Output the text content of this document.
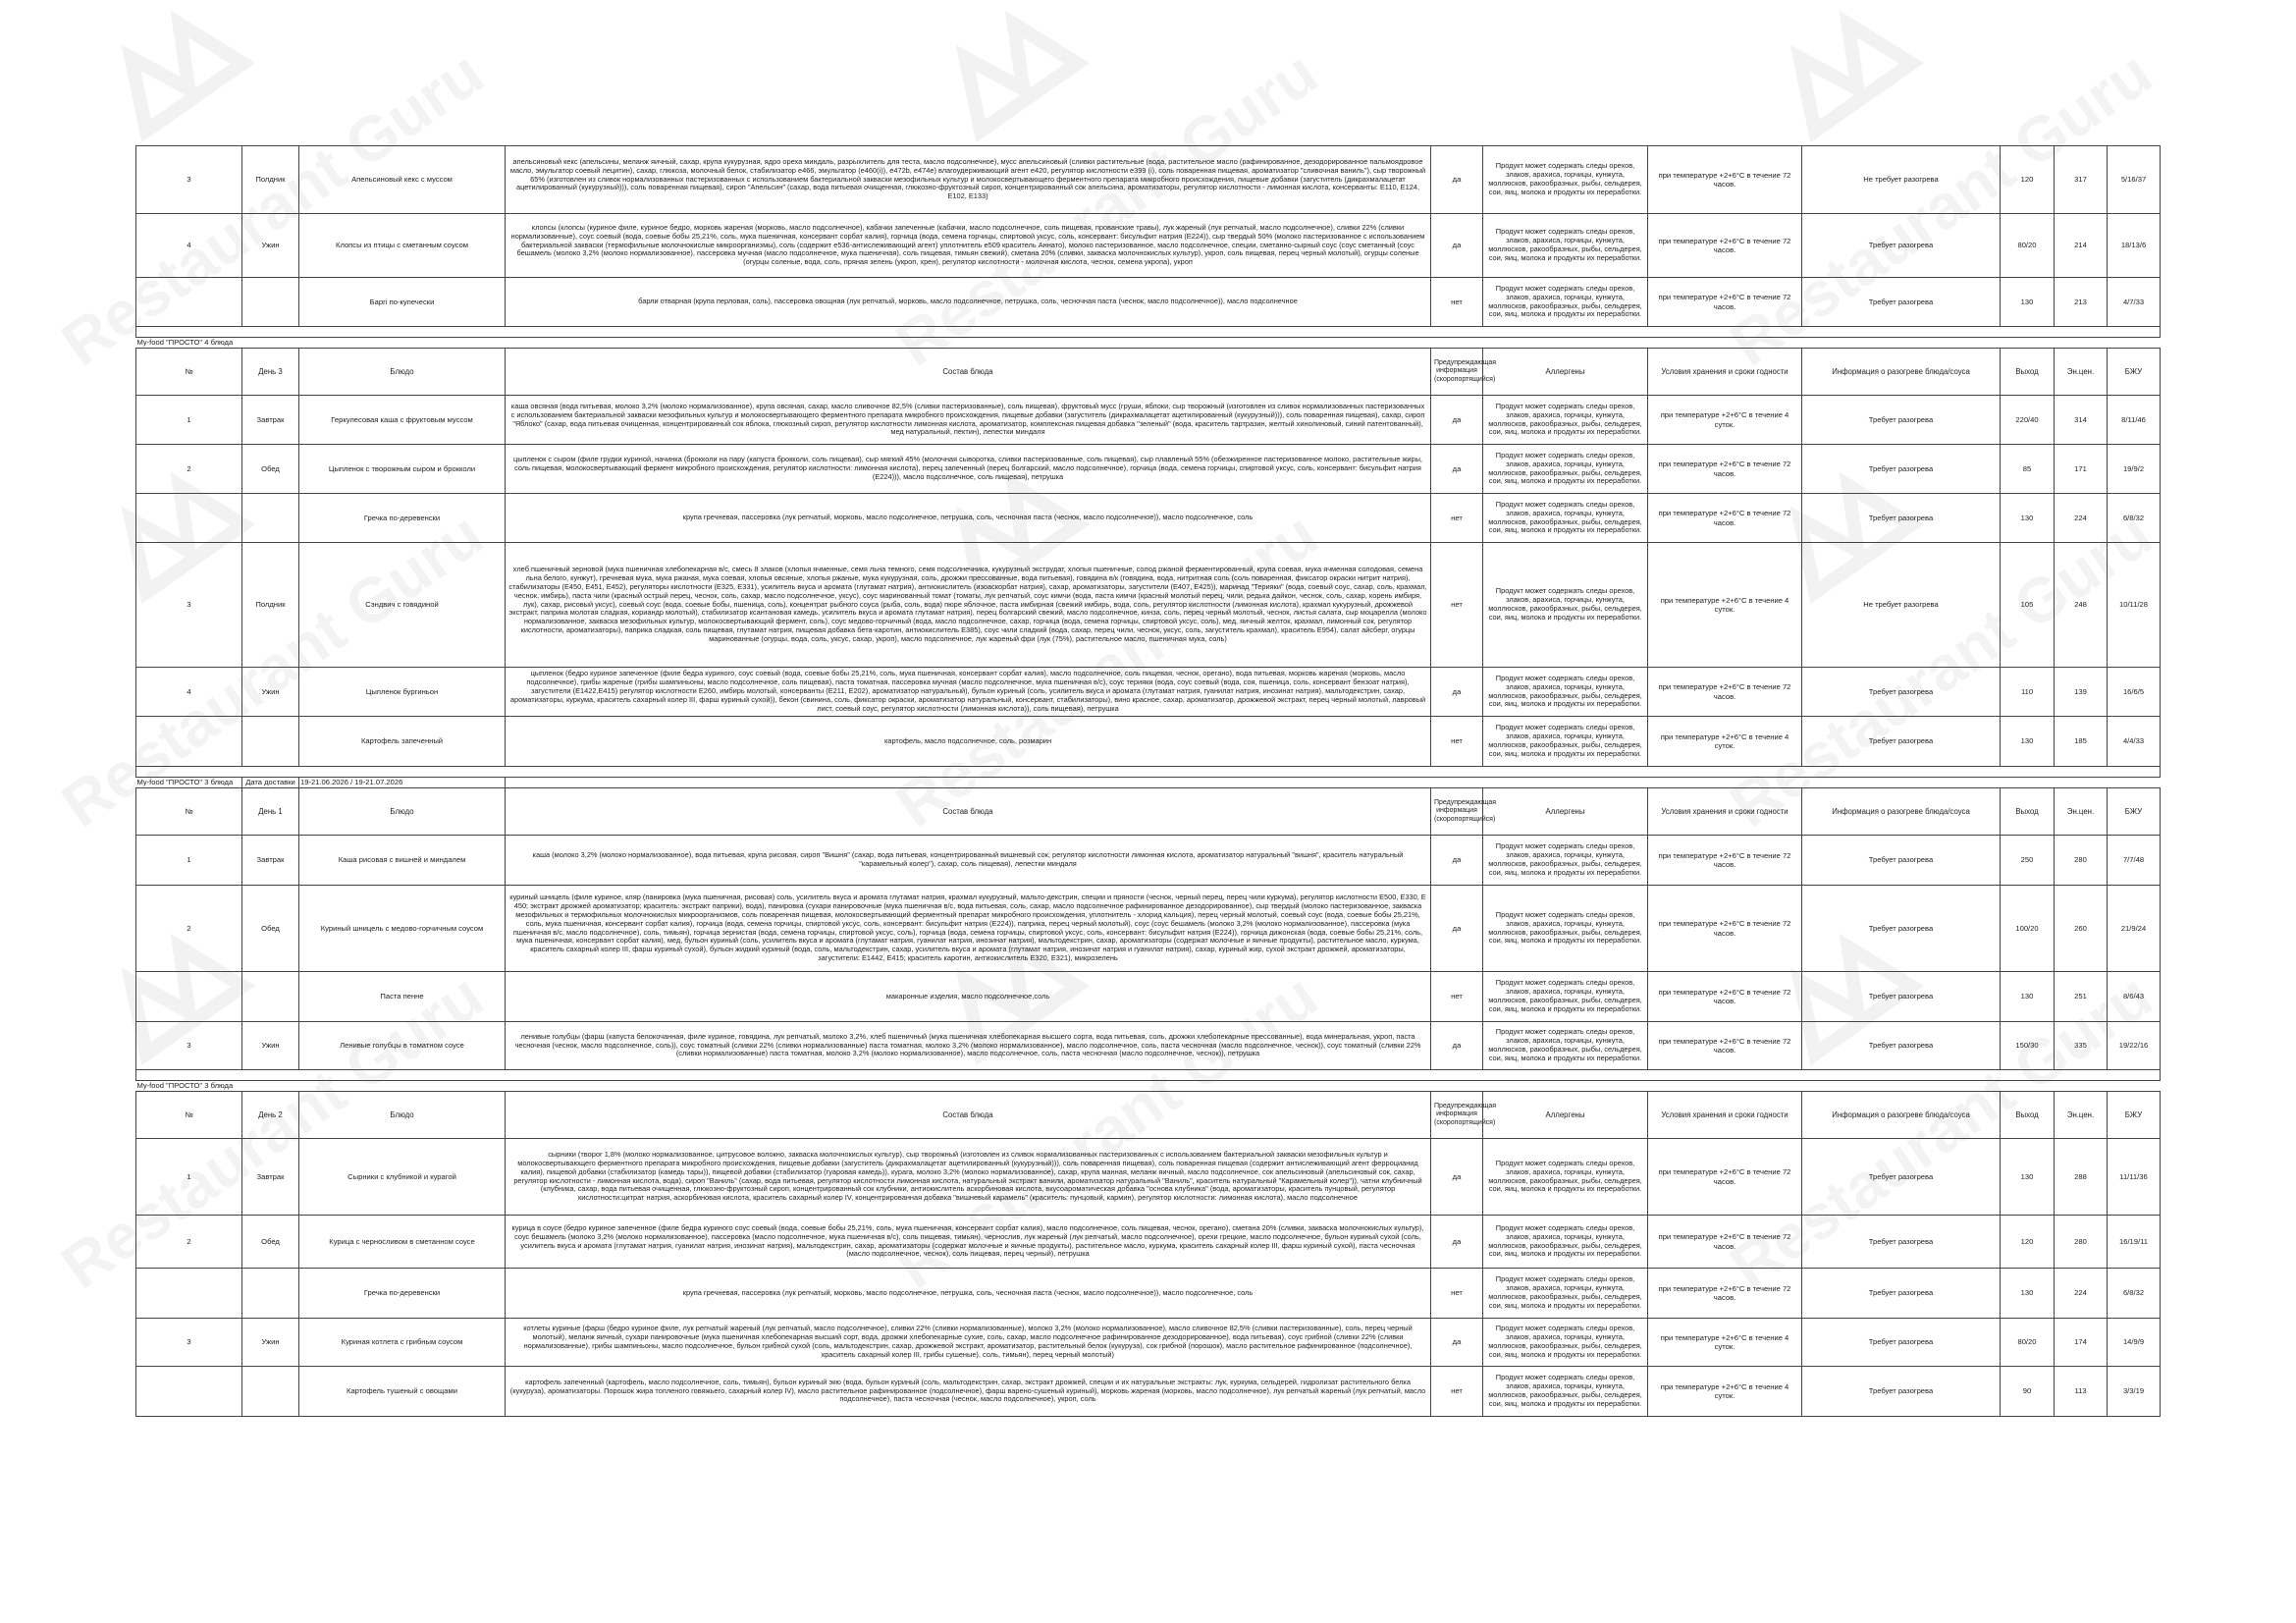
3	Полдник	Апельсиновый кекс с муссом	апельсиновый кекс (апельсины, меланж яичный, сахар, крупа кукурузная, ядро ореха миндаль, разрыхлитель для теста, масло подсолнечное), мусс апельсиновый (сливки растительные (вода, растительное масло (рафинированное, дезодорированное пальмоядровое масло, эмульгатор соевый лецитин), сахар, глюкоза, молочный белок, стабилизатор е466, эмульгатор (е460(i)), е472b, е474e) влагоудерживающий агент е420, регулятор кислотности е399 (i), соль поваренная пищевая, ароматизатор "сливочная ваниль"), сыр творожный 65% (изготовлен из сливок нормализованных пастеризованных с использованием бактериальной закваски мезофильных культур и молокосвертывающего ферментного препарата микробного происхождения, пищевые добавки (загуститель (дикрахмалацетат ацетилированный (кукурузный))), соль поваренная пищевая), сироп "Апельсин" (сахар, вода питьевая очищенная, глюкозно-фруктозный сироп, концентрированный сок апельсина, ароматизаторы, регулятор кислотности - лимонная кислота, консерванты: Е110, Е124, Е102, Е133)	да	Продукт может содержать следы орехов, злаков, арахиса, горчицы, кунжута, моллюсков, ракообразных, рыбы, сельдерея, сои, яиц, молока и продукты их переработки.	при температуре +2+6°С в течение 72 часов.	Не требует разогрева	120	317	5/16/37
4	Ужин	Клопсы из птицы с сметанным соусом	клопсы (клопсы (куриное филе, куриное бедро, морковь жареная (морковь, масло подсолнечное), кабачки запеченные (кабачки, масло подсолнечное, соль пищевая, прованские травы), лук жареный (лук репчатый, масло подсолнечное), сливки 22% (сливки нормализованные), соус соевый (вода, соевые бобы 25,21%, соль, мука пшеничная, консервант сорбат калия), горчица (вода, семена горчицы, спиртовой уксус, соль, консервант: бисульфит натрия (Е224)), сыр твердый 50% (молоко пастеризованное с использованием бактериальной закваски (термофильные молочнокислые микроорганизмы), соль (содержит е536-антислеживающий агент) уплотнитель е509 краситель Аннато), молоко пастеризованное, масло подсолнечное, специи, сметанно-сырный соус (соус сметанный (соус бешамель (молоко 3,2% (молоко нормализованное), пассеровка мучная (масло подсолнечное, мука пшеничная), соль пищевая, тимьян свежий), сметана 20% (сливки, закваска молочнокислых культур), укроп, соль пищевая, перец черный молотый), огурцы соленые (огурцы соленые, вода, соль, пряная зелень (укроп, хрен), регулятор кислотности - молочная кислота, чеснок, семена укропа), укроп	да	Продукт может содержать следы орехов, злаков, арахиса, горчицы, кунжута, моллюсков, ракообразных, рыбы, сельдерея, сои, яиц, молока и продукты их переработки.	при температуре +2+6°С в течение 72 часов.	Требует разогрева	80/20	214	18/13/6
		Баргі по-купечески	барли отварная (крупа перловая, соль), пассеровка овощная (лук репчатый, морковь, масло подсолнечное, петрушка, соль, чесночная паста (чеснок, масло подсолнечное)), масло подсолнечное	нет	Продукт может содержать следы орехов, злаков, арахиса, горчицы, кунжута, моллюсков, ракообразных, рыбы, сельдерея, сои, яиц, молока и продукты их переработки.	при температуре +2+6°С в течение 72 часов.	Требует разогрева	130	213	4/7/33

My-food "ПРОСТО" 4 блюда										
№	День 3	Блюдо	Состав блюда	Предупреждающая информация (скоропортящийся)	Аллергены	Условия хранения и сроки годности	Информация о разогреве блюда/соуса	Выход	Эн.цен.	БЖУ
1	Завтрак	Геркулесовая каша с фруктовым муссом	каша овсяная (вода питьевая, молоко 3,2% (молоко нормализованное), крупа овсяная, сахар, масло сливочное 82,5% (сливки пастеризованные), соль пищевая), фруктовый мусс (груши, яблоки, сыр творожный (изготовлен из сливок нормализованных пастеризованных с использованием бактериальной закваски мезофильных культур и молокосвертывающего ферментного препарата микробного происхождения, пищевые добавки (загуститель (дикрахмалацетат ацетилированный (кукурузный))), соль поваренная пищевая), сахар, сироп "Яблоко" (сахар, вода питьевая очищенная, концентрированный сок яблока, глюкозный сироп, регулятор кислотности лимонная кислота, ароматизатор, комплексная пищевая добавка "зеленый" (вода, краситель тартразин, желтый хинолиновый, синий патентованный), мед натуральный, пектин), лепестки миндаля	да	Продукт может содержать следы орехов, злаков, арахиса, горчицы, кунжута, моллюсков, ракообразных, рыбы, сельдерея, сои, яиц, молока и продукты их переработки.	при температуре +2+6°С в течение 4 суток.	Требует разогрева	220/40	314	8/11/46
2	Обед	Цыпленок с творожным сыром и брокколи	цыпленок с сыром (филе грудки куриной, начинка (брокколи на пару (капуста брокколи, соль пищевая), сыр мягкий 45% (молочная сыворотка, сливки пастеризованные, соль пищевая), сыр плавленый 55% (обезжиренное пастеризованное молоко, растительные жиры, соль пищевая, молокосвертывающий фермент микробного происхождения, регулятор кислотности: лимонная кислота), перец запеченный (перец болгарский, масло подсолнечное), горчица (вода, семена горчицы, спиртовой уксус, соль, консервант: бисульфит натрия (Е224))), масло подсолнечное, соль пищевая), петрушка	да	Продукт может содержать следы орехов, злаков, арахиса, горчицы, кунжута, моллюсков, ракообразных, рыбы, сельдерея, сои, яиц, молока и продукты их переработки.	при температуре +2+6°С в течение 72 часов.	Требует разогрева	85	171	19/9/2
		Гречка по-деревенски	крупа гречневая, пассеровка (лук репчатый, морковь, масло подсолнечное, петрушка, соль, чесночная паста (чеснок, масло подсолнечное)), масло подсолнечное, соль	нет	Продукт может содержать следы орехов, злаков, арахиса, горчицы, кунжута, моллюсков, ракообразных, рыбы, сельдерея, сои, яиц, молока и продукты их переработки.	при температуре +2+6°С в течение 72 часов.	Требует разогрева	130	224	6/8/32
3	Полдник	Сэндвич с говядиной	хлеб пшеничный зерновой (мука пшеничная хлебопекарная в/с, смесь 8 злаков (хлопья ячменные, семя льна темного, семя подсолнечника, кукурузный экструдат, хлопья пшеничные, солод ржаной ферментированный, крупа соевая, мука ячменная солодовая, семена льна белого, кунжут), гречневая мука, мука ржаная, мука соевая, хлопья овсяные, хлопья ржаные, мука кукурузная, соль, дрожжи прессованные, вода питьевая), говядина в/к (говядина, вода, нитритная соль (соль поваренная, фиксатор окраски нитрит натрия), стабилизаторы (Е450, Е451, Е452), регуляторы кислотности (Е325, Е331), усилитель вкуса и аромата (глутамат натрия), антиокислитель (изоаскорбат натрия), сахар, ароматизаторы, загустители (Е407, Е425)), маринад "Терияки" (вода, соевый соус, сахар, соль, крахмал, чеснок, имбирь), паста чили (красный острый перец, чеснок, соль, сахар, масло подсолнечное, уксус), соус маринованный томат (томаты, лук репчатый, соус кимчи (вода, паста кимчи (красный молотый перец, чили, редька дайкон, чеснок, соль, сахар, корень имбиря, лук), сахар, рисовый уксус), соевый соус (вода, соевые бобы, пшеница, соль), концентрат рыбного соуса (рыба, соль, вода) пюре яблочное, паста имбирная (свежий имбирь, вода, соль, регулятор кислотности (лимонная кислота), крахмал кукурузный, дрожжевой экстракт, паприка молотая сладкая, кориандр молотый), стабилизатор ксантановая камедь, усилитель вкуса и аромата глутамат натрия), перец болгарский свежий, масло подсолнечное, кинза, соль, перец черный молотый, чеснок, листья салата, сыр моцарелла (молоко нормализованное, закваска мезофильных культур, молокосвертывающий фермент, соль), соус медово-горчичный (вода, масло подсолнечное, сахар, горчица (вода, семена горчицы, спиртовой уксус, соль), мед, яичный желток, крахмал, лимонный сок, регулятор кислотности, ароматизаторы), паприка сладкая, соль пищевая, глутамат натрия, пищевая добавка бета-каротин, антиокислитель Е385), соус чили сладкий (вода, сахар, перец чили, чеснок, уксус, соль, загуститель крахмал), краситель E954), салат айсберг, огурцы маринованные (огурцы, вода, соль, уксус, сахар, укроп), масло подсолнечное, лук жареный фри (лук (75%), растительное масло, пшеничная мука, соль)	нет	Продукт может содержать следы орехов, злаков, арахиса, горчицы, кунжута, моллюсков, ракообразных, рыбы, сельдерея, сои, яиц, молока и продукты их переработки.	при температуре +2+6°С в течение 4 суток.	Не требует разогрева	105	248	10/11/28
4	Ужин	Цыпленок бургиньон	цыпленок (бедро куриное запеченное (филе бедра куриного, соус соевый (вода, соевые бобы 25,21%, соль, мука пшеничная, консервант сорбат калия), масло подсолнечное, соль пищевая, чеснок, орегано), вода питьевая, морковь жареная (морковь, масло подсолнечное), грибы жареные (грибы шампиньоны, масло подсолнечное, соль пищевая), паста томатная, пассеровка мучная (масло подсолнечное, мука пшеничная в/с), соус терияки (вода, соус соевый (вода, соя, пшеница, соль, консервант бензоат натрия), загустители (Е1422,Е415) регулятор кислотности Е260, имбирь молотый, консерванты (Е211, Е202), ароматизатор натуральный), бульон куриный (соль, усилитель вкуса и аромата (глутамат натрия, гуанилат натрия, инозинат натрия), мальтодекстрин, сахар, ароматизаторы, куркума, краситель сахарный колер III, фарш куриный сухой)), бекон (свинина, соль, фиксатор окраски, ароматизатор натуральный, консервант, стабилизаторы), вино красное, сахар, ароматизатор, дрожжевой экстракт, перец черный молотый, лавровый лист, соевый соус, регулятор кислотности (лимонная кислота)), соль пищевая), петрушка	да	Продукт может содержать следы орехов, злаков, арахиса, горчицы, кунжута, моллюсков, ракообразных, рыбы, сельдерея, сои, яиц, молока и продукты их переработки.	при температуре +2+6°С в течение 72 часов.	Требует разогрева	110	139	16/6/5
		Картофель запеченный	картофель, масло подсолнечное, соль, розмарин	нет	Продукт может содержать следы орехов, злаков, арахиса, горчицы, кунжута, моллюсков, ракообразных, рыбы, сельдерея, сои, яиц, молока и продукты их переработки.	при температуре +2+6°С в течение 4 суток.	Требует разогрева	130	185	4/4/33

My-food "ПРОСТО" 3 блюда	Дата доставки	19-21.06.2026 / 19-21.07.2026								
№	День 1	Блюдо	Состав блюда	Предупреждающая информация (скоропортящийся)	Аллергены	Условия хранения и сроки годности	Информация о разогреве блюда/соуса	Выход	Эн.цен.	БЖУ
1	Завтрак	Каша рисовая с вишней и миндалем	каша (молоко 3,2% (молоко нормализованное), вода питьевая, крупа рисовая, сироп "Вишня" (сахар, вода питьевая, концентрированный вишневый сок, регулятор кислотности лимонная кислота, ароматизатор натуральный "вишня", краситель натуральный "карамельный колер"), сахар, соль пищевая), лепестки миндаля	да	Продукт может содержать следы орехов, злаков, арахиса, горчицы, кунжута, моллюсков, ракообразных, рыбы, сельдерея, сои, яиц, молока и продукты их переработки.	при температуре +2+6°С в течение 72 часов.	Требует разогрева	250	280	7/7/48
2	Обед	Куриный шницель с медово-горчичным соусом	куриный шницель (филе куриное, кляр (панировка (мука пшеничная, рисовая) соль, усилитель вкуса и аромата глутамат натрия, крахмал кукурузный, мальто-декстрин, специи и пряности (чеснок, черный перец, перец чили куркума), регулятор кислотности E500, E330, E 450; экстракт дрожжей ароматизатор; краситель: экстракт паприки), вода), панировка (сухари панировочные (мука пшеничная в/с, вода питьевая, соль, сахар, масло подсолнечное рафинированное дезодорированное), сыр твердый (молоко пастеризованное, закваска мезофильных и термофильных молочнокислых микроорганизмов, соль поваренная пищевая, молокосвертывающий ферментный препарат микробного происхождения, уплотнитель - хлорид кальция), перец черный молотый, соевый соус (вода, соевые бобы 25,21%, соль, мука пшеничная, консервант сорбат калия), горчица (вода, семена горчицы, спиртовой уксус, соль, консервант: бисульфит натрия (Е224)), паприка, перец черный молотый), соус (соус бешамель (молоко 3,2% (молоко нормализованное), пассеровка (мука пшеничная в/с, масло подсолнечное), соль, тимьян), горчица зернистая (вода, семена горчицы, спиртовой уксус, соль), горчица (вода, семена горчицы, спиртовой уксус, соль, консервант: бисульфит натрия (Е224)), горчица дижонская (вода, соевые бобы 25,21%, соль, мука пшеничная, консервант сорбат калия), мед, бульон куриный (соль, усилитель вкуса и аромата (глутамат натрия, гуанилат натрия, инозинат натрия), мальтодекстрин, сахар, ароматизаторы (содержат молочные и яичные продукты), растительное масло, куркума, краситель сахарный колер III, фарш куриный сухой), бульон жидкий куриный (вода, соль, мальтодекстрин, сахар, усилитель вкуса и аромата (глутамат натрия, инозинат натрия и гуанилат натрия), сахар, куриный жир, сухой экстракт дрожжей, ароматизаторы, загустители: Е1442, Е415; краситель каротин, антиокислитель Е320, Е321), микрозелень	да	Продукт может содержать следы орехов, злаков, арахиса, горчицы, кунжута, моллюсков, ракообразных, рыбы, сельдерея, сои, яиц, молока и продукты их переработки.	при температуре +2+6°С в течение 72 часов.	Требует разогрева	100/20	260	21/9/24
		Паста пенне	макаронные изделия, масло подсолнечное,соль	нет	Продукт может содержать следы орехов, злаков, арахиса, горчицы, кунжута, моллюсков, ракообразных, рыбы, сельдерея, сои, яиц, молока и продукты их переработки.	при температуре +2+6°С в течение 72 часов.	Требует разогрева	130	251	8/6/43
3	Ужин	Ленивые голубцы в томатном соусе	ленивые голубцы (фарш (капуста белокочанная, филе куриное, говядина, лук репчатый, молоко 3,2%, хлеб пшеничный (мука пшеничная хлебопекарная высшего сорта, вода питьевая, соль, дрожжи хлебопекарные прессованные), вода минеральная, укроп, паста чесночная (чеснок, масло подсолнечное, соль)), соус томатный (сливки 22% (сливки нормализованные) паста томатная, молоко 3,2% (молоко нормализованное), масло подсолнечное, соль, паста чесночная (масло подсолнечное, чеснок)), соус томатный (сливки 22% (сливки нормализованные) паста томатная, молоко 3,2% (молоко нормализованное), масло подсолнечное, соль, паста чесночная (масло подсолнечное, чеснок)), петрушка	да	Продукт может содержать следы орехов, злаков, арахиса, горчицы, кунжута, моллюсков, ракообразных, рыбы, сельдерея, сои, яиц, молока и продукты их переработки.	при температуре +2+6°С в течение 72 часов.	Требует разогрева	150/30	335	19/22/16

My-food "ПРОСТО" 3 блюда										
№	День 2	Блюдо	Состав блюда	Предупреждающая информация (скоропортящийся)	Аллергены	Условия хранения и сроки годности	Информация о разогреве блюда/соуса	Выход	Эн.цен.	БЖУ
1	Завтрак	Сырники с клубникой и курагой	сырники (творог 1,8% (молоко нормализованное, цитрусовое волокно, закваска молочнокислых культур), сыр творожный (изготовлен из сливок нормализованных пастеризованных с использованием бактериальной закваски мезофильных культур и молокосвертывающего ферментного препарата микробного происхождения, пищевые добавки (загуститель (дикрахмалацетат ацетилированный (кукурузный))), соль поваренная пищевая), соль поваренная пищевая (содержит антислеживающий агент ферроцианид калия), пищевой добавки (стабилизатор (камедь тары)), пищевой добавки (стабилизатор (гуаровая камедь)), курага, молоко 3,2% (молоко нормализованное), сахар, крупа манная, меланж яичный, масло подсолнечное, сок апельсиновый (апельсиновый сок, сахар, регулятор кислотности - лимонная кислота, вода), сироп "Ваниль" (сахар, вода питьевая, регулятор кислотности лимонная кислота, натуральный экстракт ванили, ароматизатор натуральный "Ваниль", краситель натуральный "Карамельный колер")), чатни клубничный (клубника, сахар, вода питьевая очищенная, глюкозно-фруктозный сироп, концентрированный сок клубники, антиокислитель аскорбиновая кислота, вкусоароматическая добавка "основа клубника" (вода, ароматизаторы, краситель пунцовый, регулятор кислотности:цитрат натрия, аскорбиновая кислота, краситель сахарный колер IV, концентрированная добавка "вишневый карамель" (краситель: пунцовый, кармин), регулятор кислотности: лимонная кислота), масло подсолнечное	да	Продукт может содержать следы орехов, злаков, арахиса, горчицы, кунжута, моллюсков, ракообразных, рыбы, сельдерея, сои, яиц, молока и продукты их переработки.	при температуре +2+6°С в течение 72 часов.	Требует разогрева	130	288	11/11/36
2	Обед	Курица с черносливом в сметанном соусе	курица в соусе (бедро куриное запеченное (филе бедра куриного соус соевый (вода, соевые бобы 25,21%, соль, мука пшеничная, консервант сорбат калия), масло подсолнечное, соль пищевая, чеснок, орегано), сметана 20% (сливки, закваска молочнокислых культур), соус бешамель (молоко 3,2% (молоко нормализованное), пассеровка (масло подсолнечное, мука пшеничная в/с), соль пищевая, тимьян), чернослив, лук жареный (лук репчатый, масло подсолнечное), орехи грецкие, масло подсолнечное, бульон куриный сухой (соль, усилитель вкуса и аромата (глутамат натрия, гуанилат натрия, инозинат натрия), мальтодекстрин, сахар, ароматизаторы (содержат молочные и яичные продукты), растительное масло, куркума, краситель сахарный колер III, фарш куриный сухой), паста чесночная (масло подсолнечное, чеснок), соль пищевая, перец черный), петрушка	да	Продукт может содержать следы орехов, злаков, арахиса, горчицы, кунжута, моллюсков, ракообразных, рыбы, сельдерея, сои, яиц, молока и продукты их переработки.	при температуре +2+6°С в течение 72 часов.	Требует разогрева	120	280	16/19/11
		Гречка по-деревенски	крупа гречневая, пассеровка (лук репчатый, морковь, масло подсолнечное, петрушка, соль, чесночная паста (чеснок, масло подсолнечное)), масло подсолнечное, соль	нет	Продукт может содержать следы орехов, злаков, арахиса, горчицы, кунжута, моллюсков, ракообразных, рыбы, сельдерея, сои, яиц, молока и продукты их переработки.	при температуре +2+6°С в течение 72 часов.	Требует разогрева	130	224	6/8/32
3	Ужин	Куриная котлета с грибным соусом	котлеты куриные (фарш (бедро куриное филе, лук репчатый жареный (лук репчатый, масло подсолнечное), сливки 22% (сливки нормализованные), молоко 3,2% (молоко нормализованное), масло сливочное 82,5% (сливки пастеризованные), соль, перец черный молотый), меланж яичный, сухари панировочные (мука пшеничная хлебопекарная высший сорт, вода, дрожжи хлебопекарные сухие, соль, сахар, масло подсолнечное рафинированное дезодорированное), вода питьевая), соус грибной (сливки 22% (сливки нормализованные), грибы шампиньоны, масло подсолнечное, бульон грибной сухой (соль, мальтодекстрин, сахар, дрожжевой экстракт, ароматизатор, растительный белок (кукуруза), сок грибной (порошок), масло растительное рафинированное (подсолнечное), краситель сахарный колер III, грибы сушеные), соль, тимьян), перец черный молотый)	да	Продукт может содержать следы орехов, злаков, арахиса, горчицы, кунжута, моллюсков, ракообразных, рыбы, сельдерея, сои, яиц, молока и продукты их переработки.	при температуре +2+6°С в течение 4 суток.	Требует разогрева	80/20	174	14/9/9
		Картофель тушеный с овощами	картофель запеченный (картофель, масло подсолнечное, соль, тимьян), бульон куриный экю (вода, бульон куриный (соль, мальтодекстрин, сахар, экстракт дрожжей, специи и их натуральные экстракты: лук, куркума, сельдерей, гидролизат растительного белка (кукуруза), ароматизаторы. Порошок жира топленого говяжьего, сахарный колер IV), масло растительное рафинированное (подсолнечное), фарш варено-сушеный куриный), морковь жареная (морковь, масло подсолнечное), лук репчатый жареный (лук репчатый, масло подсолнечное), паста чесночная (чеснок, масло подсолнечное), укроп, соль	нет	Продукт может содержать следы орехов, злаков, арахиса, горчицы, кунжута, моллюсков, ракообразных, рыбы, сельдерея, сои, яиц, молока и продукты их переработки.	при температуре +2+6°С в течение 4 суток.	Требует разогрева	90	113	3/3/19
